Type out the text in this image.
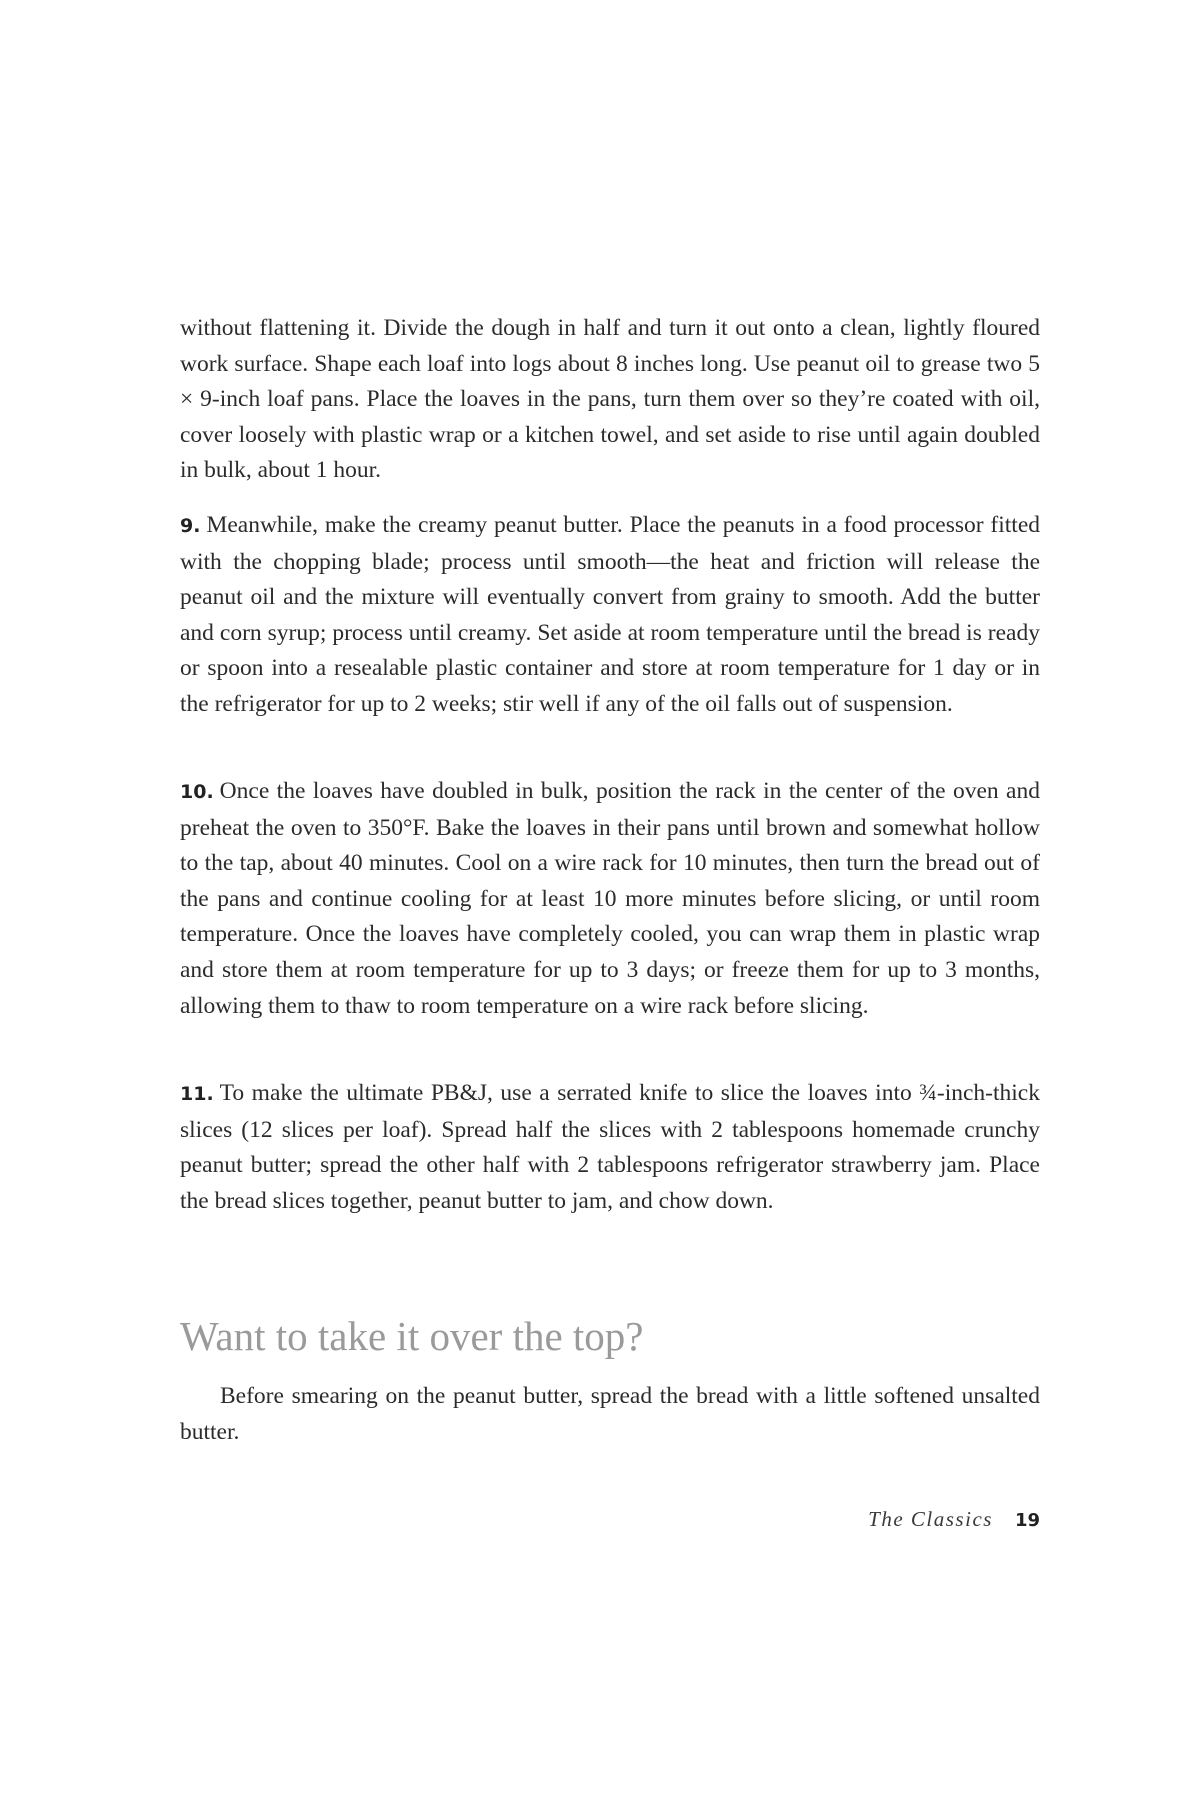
without flattening it. Divide the dough in half and turn it out onto a clean, lightly floured work surface. Shape each loaf into logs about 8 inches long. Use peanut oil to grease two 5 × 9-inch loaf pans. Place the loaves in the pans, turn them over so they’re coated with oil, cover loosely with plastic wrap or a kitchen towel, and set aside to rise until again doubled in bulk, about 1 hour.

9. Meanwhile, make the creamy peanut butter. Place the peanuts in a food processor fitted with the chopping blade; process until smooth—the heat and friction will release the peanut oil and the mixture will eventually convert from grainy to smooth. Add the butter and corn syrup; process until creamy. Set aside at room temperature until the bread is ready or spoon into a resealable plastic container and store at room temperature for 1 day or in the refrigerator for up to 2 weeks; stir well if any of the oil falls out of suspension.

10. Once the loaves have doubled in bulk, position the rack in the center of the oven and preheat the oven to 350°F. Bake the loaves in their pans until brown and somewhat hollow to the tap, about 40 minutes. Cool on a wire rack for 10 minutes, then turn the bread out of the pans and continue cooling for at least 10 more minutes before slicing, or until room temperature. Once the loaves have completely cooled, you can wrap them in plastic wrap and store them at room temperature for up to 3 days; or freeze them for up to 3 months, allowing them to thaw to room temperature on a wire rack before slicing.

11. To make the ultimate PB&J, use a serrated knife to slice the loaves into ¾-inch-thick slices (12 slices per loaf). Spread half the slices with 2 tablespoons homemade crunchy peanut butter; spread the other half with 2 tablespoons refrigerator strawberry jam. Place the bread slices together, peanut butter to jam, and chow down.

Want to take it over the top?

Before smearing on the peanut butter, spread the bread with a little softened unsalted butter.

The Classics 19
